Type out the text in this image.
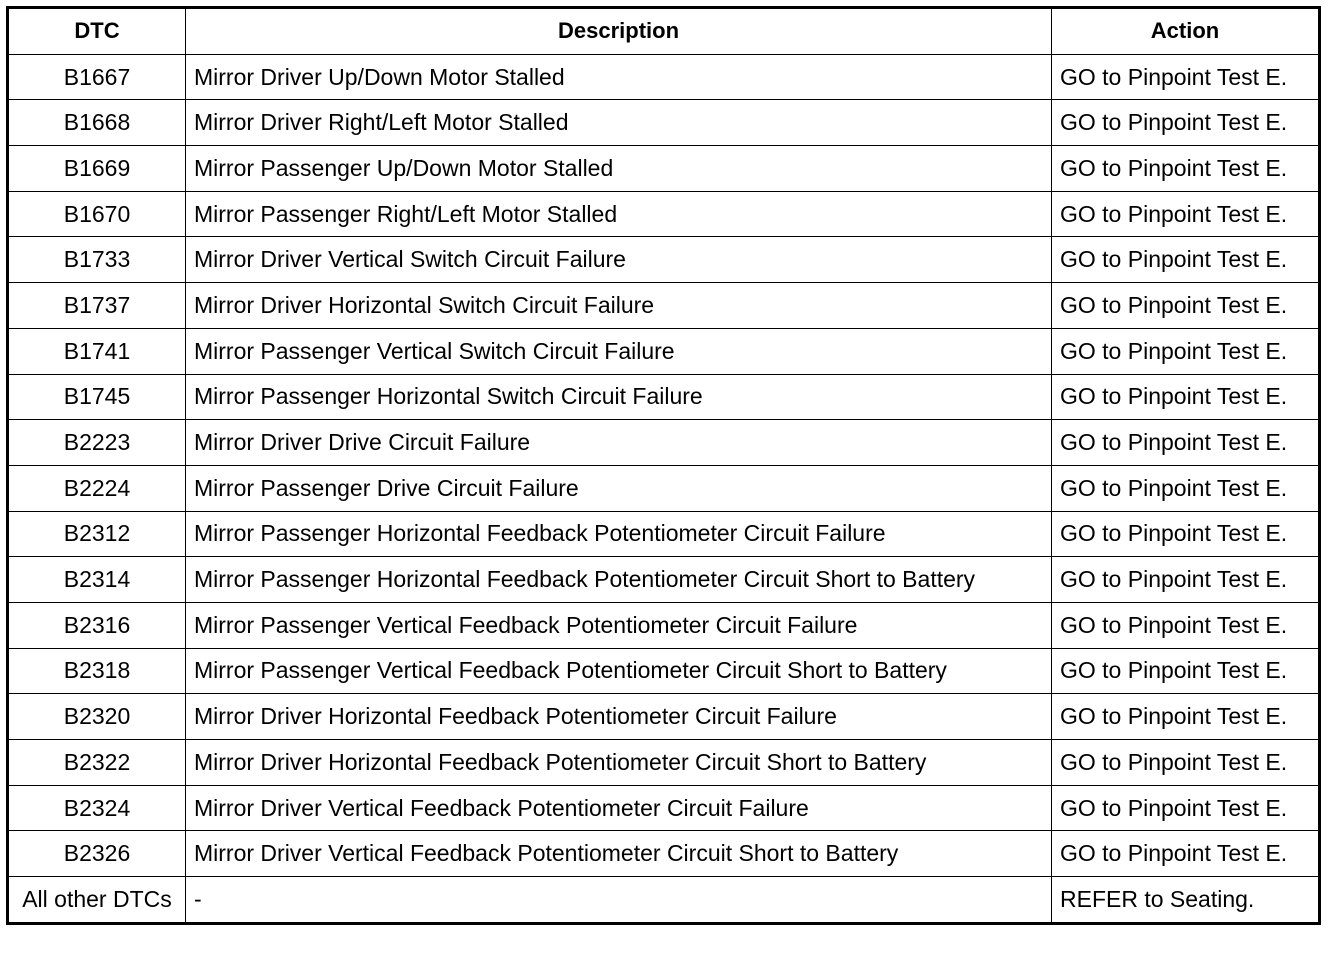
DTC	Description	Action
B1667	Mirror Driver Up/Down Motor Stalled	GO to Pinpoint Test E.
B1668	Mirror Driver Right/Left Motor Stalled	GO to Pinpoint Test E.
B1669	Mirror Passenger Up/Down Motor Stalled	GO to Pinpoint Test E.
B1670	Mirror Passenger Right/Left Motor Stalled	GO to Pinpoint Test E.
B1733	Mirror Driver Vertical Switch Circuit Failure	GO to Pinpoint Test E.
B1737	Mirror Driver Horizontal Switch Circuit Failure	GO to Pinpoint Test E.
B1741	Mirror Passenger Vertical Switch Circuit Failure	GO to Pinpoint Test E.
B1745	Mirror Passenger Horizontal Switch Circuit Failure	GO to Pinpoint Test E.
B2223	Mirror Driver Drive Circuit Failure	GO to Pinpoint Test E.
B2224	Mirror Passenger Drive Circuit Failure	GO to Pinpoint Test E.
B2312	Mirror Passenger Horizontal Feedback Potentiometer Circuit Failure	GO to Pinpoint Test E.
B2314	Mirror Passenger Horizontal Feedback Potentiometer Circuit Short to Battery	GO to Pinpoint Test E.
B2316	Mirror Passenger Vertical Feedback Potentiometer Circuit Failure	GO to Pinpoint Test E.
B2318	Mirror Passenger Vertical Feedback Potentiometer Circuit Short to Battery	GO to Pinpoint Test E.
B2320	Mirror Driver Horizontal Feedback Potentiometer Circuit Failure	GO to Pinpoint Test E.
B2322	Mirror Driver Horizontal Feedback Potentiometer Circuit Short to Battery	GO to Pinpoint Test E.
B2324	Mirror Driver Vertical Feedback Potentiometer Circuit Failure	GO to Pinpoint Test E.
B2326	Mirror Driver Vertical Feedback Potentiometer Circuit Short to Battery	GO to Pinpoint Test E.
All other DTCs	-	REFER to Seating.
